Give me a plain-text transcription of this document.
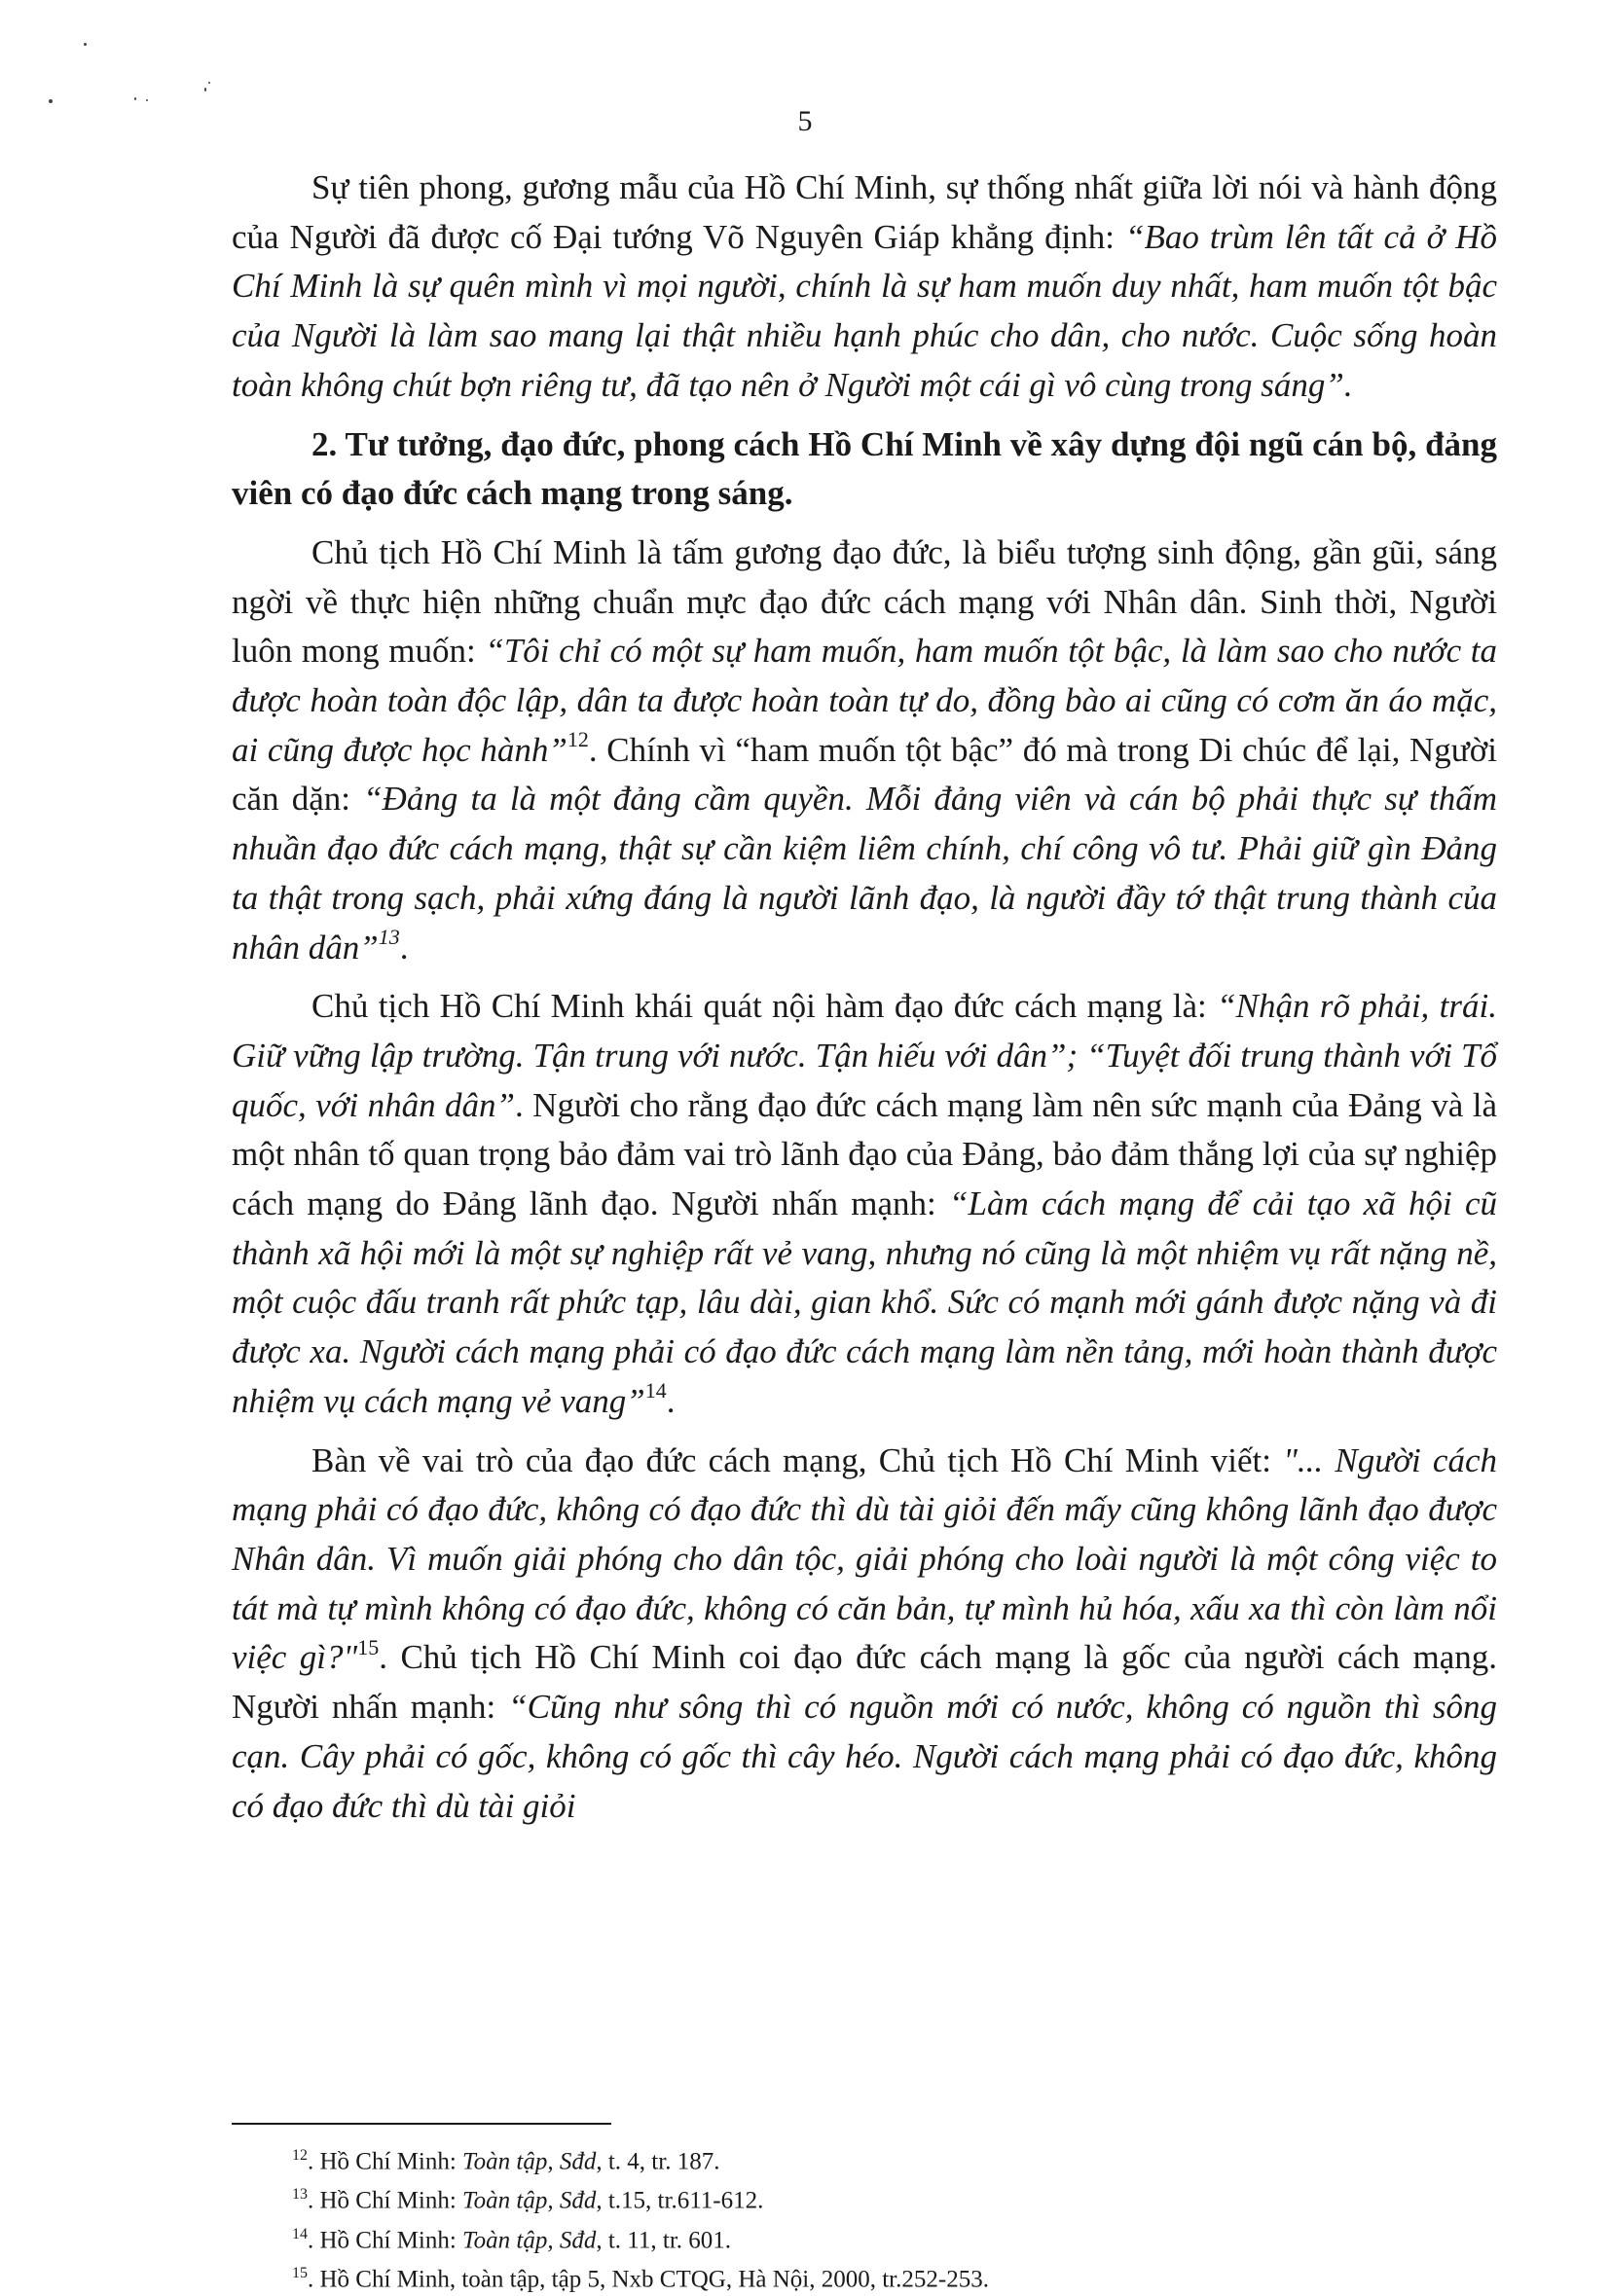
5

Sự tiên phong, gương mẫu của Hồ Chí Minh, sự thống nhất giữa lời nói và hành động của Người đã được cố Đại tướng Võ Nguyên Giáp khẳng định: “Bao trùm lên tất cả ở Hồ Chí Minh là sự quên mình vì mọi người, chính là sự ham muốn duy nhất, ham muốn tột bậc của Người là làm sao mang lại thật nhiều hạnh phúc cho dân, cho nước. Cuộc sống hoàn toàn không chút bợn riêng tư, đã tạo nên ở Người một cái gì vô cùng trong sáng”.

2. Tư tưởng, đạo đức, phong cách Hồ Chí Minh về xây dựng đội ngũ cán bộ, đảng viên có đạo đức cách mạng trong sáng.

Chủ tịch Hồ Chí Minh là tấm gương đạo đức, là biểu tượng sinh động, gần gũi, sáng ngời về thực hiện những chuẩn mực đạo đức cách mạng với Nhân dân. Sinh thời, Người luôn mong muốn: “Tôi chỉ có một sự ham muốn, ham muốn tột bậc, là làm sao cho nước ta được hoàn toàn độc lập, dân ta được hoàn toàn tự do, đồng bào ai cũng có cơm ăn áo mặc, ai cũng được học hành”$^{12}$. Chính vì “ham muốn tột bậc” đó mà trong Di chúc để lại, Người căn dặn: “Đảng ta là một đảng cầm quyền. Mỗi đảng viên và cán bộ phải thực sự thấm nhuần đạo đức cách mạng, thật sự cần kiệm liêm chính, chí công vô tư. Phải giữ gìn Đảng ta thật trong sạch, phải xứng đáng là người lãnh đạo, là người đầy tớ thật trung thành của nhân dân”$^{13}$.

Chủ tịch Hồ Chí Minh khái quát nội hàm đạo đức cách mạng là: “Nhận rõ phải, trái. Giữ vững lập trường. Tận trung với nước. Tận hiếu với dân”; “Tuyệt đối trung thành với Tổ quốc, với nhân dân”. Người cho rằng đạo đức cách mạng làm nên sức mạnh của Đảng và là một nhân tố quan trọng bảo đảm vai trò lãnh đạo của Đảng, bảo đảm thắng lợi của sự nghiệp cách mạng do Đảng lãnh đạo. Người nhấn mạnh: “Làm cách mạng để cải tạo xã hội cũ thành xã hội mới là một sự nghiệp rất vẻ vang, nhưng nó cũng là một nhiệm vụ rất nặng nề, một cuộc đấu tranh rất phức tạp, lâu dài, gian khổ. Sức có mạnh mới gánh được nặng và đi được xa. Người cách mạng phải có đạo đức cách mạng làm nền tảng, mới hoàn thành được nhiệm vụ cách mạng vẻ vang”$^{14}$.

Bàn về vai trò của đạo đức cách mạng, Chủ tịch Hồ Chí Minh viết: "... Người cách mạng phải có đạo đức, không có đạo đức thì dù tài giỏi đến mấy cũng không lãnh đạo được Nhân dân. Vì muốn giải phóng cho dân tộc, giải phóng cho loài người là một công việc to tát mà tự mình không có đạo đức, không có căn bản, tự mình hủ hóa, xấu xa thì còn làm nổi việc gì?"$^{15}$. Chủ tịch Hồ Chí Minh coi đạo đức cách mạng là gốc của người cách mạng. Người nhấn mạnh: “Cũng như sông thì có nguồn mới có nước, không có nguồn thì sông cạn. Cây phải có gốc, không có gốc thì cây héo. Người cách mạng phải có đạo đức, không có đạo đức thì dù tài giỏi

$^{12}$. Hồ Chí Minh: Toàn tập, Sđd, t. 4, tr. 187.
$^{13}$. Hồ Chí Minh: Toàn tập, Sđd, t.15, tr.611-612.
$^{14}$. Hồ Chí Minh: Toàn tập, Sđd, t. 11, tr. 601.
$^{15}$. Hồ Chí Minh, toàn tập, tập 5, Nxb CTQG, Hà Nội, 2000, tr.252-253.
